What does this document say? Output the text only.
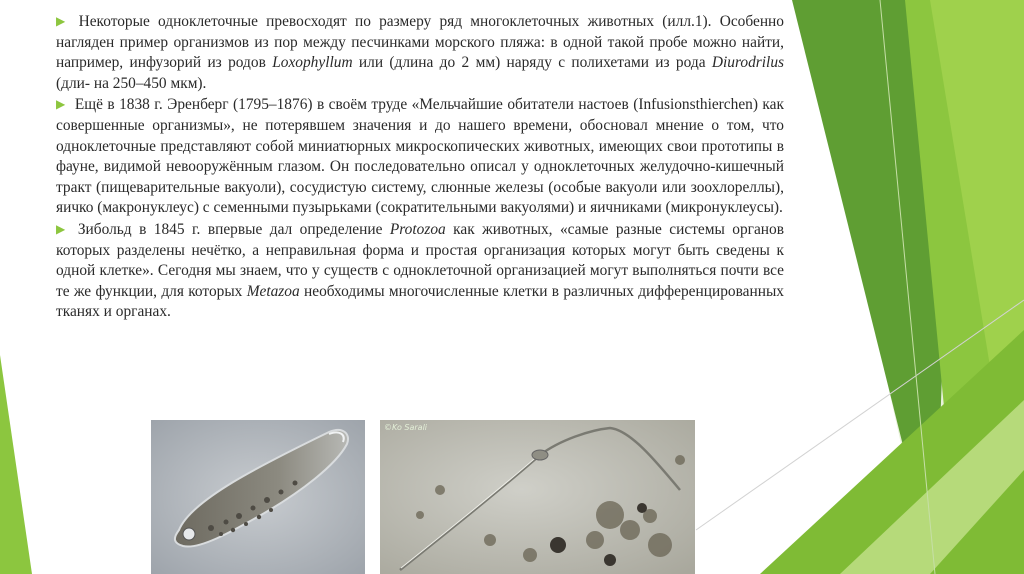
▶ Некоторые одноклеточные превосходят по размеру ряд многоклеточных животных (илл.1). Особенно нагляден пример организмов из пор между песчинками морского пляжа: в одной такой пробе можно найти, например, инфузорий из родов Loxophyllum или (длина до 2 мм) наряду с полихетами из рода Diurodrilus (дли- на 250–450 мкм).

▶ Ещё в 1838 г. Эренберг (1795–1876) в своём труде «Мельчайшие обитатели настоев (Infusionsthierchen) как совершенные организмы», не потерявшем значения и до нашего времени, обосновал мнение о том, что одноклеточные представляют собой миниатюрных микроскопических животных, имеющих свои прототипы в фауне, видимой невооружённым глазом. Он последовательно описал у одноклеточных желудочно-кишечный тракт (пищеварительные вакуоли), сосудистую систему, слюнные железы (особые вакуоли или зоохлореллы), яичко (макронуклеус) с семенными пузырьками (сократительными вакуолями) и яичниками (микронуклеусы).

▶ Зибольд в 1845 г. впервые дал определение Protozoa как животных, «самые разные системы органов которых разделены нечётко, а неправильная форма и простая организация которых могут быть сведены к одной клетке». Сегодня мы знаем, что у существ с одноклеточной организацией могут выполняться почти все те же функции, для которых Metazoa необходимы многочисленные клетки в различных дифференцированных тканях и органах.

©Ko Sarali
